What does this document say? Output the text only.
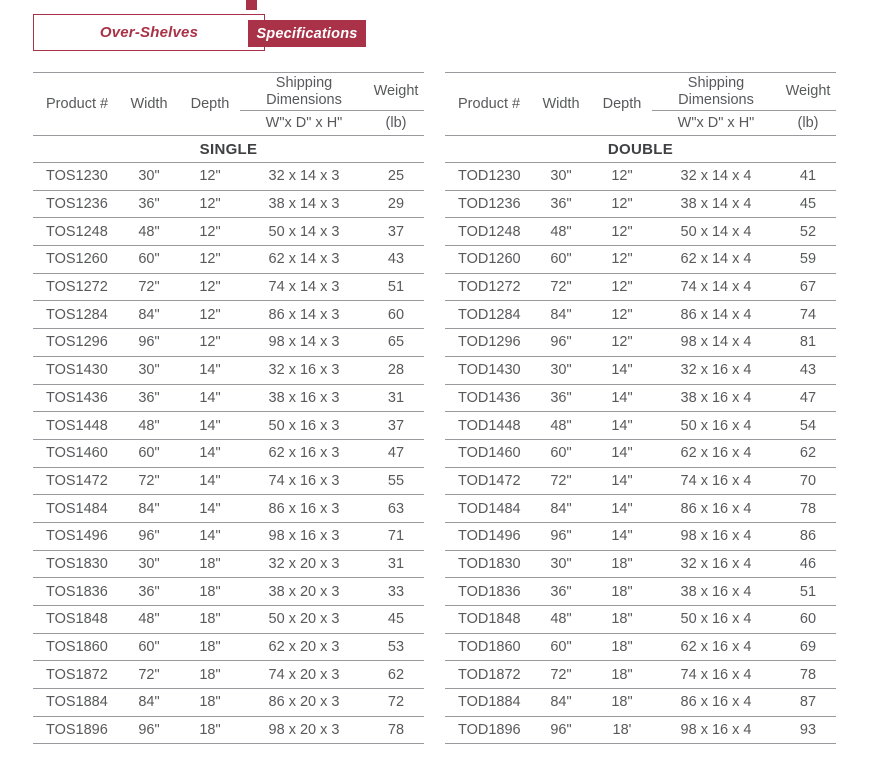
Over-Shelves	Specifications
Product #	Width	Depth	Shipping Dimensions	Weight
			W"x D" x H"	(lb)
SINGLE				
TOS1230	30"	12"	32 x 14 x 3	25
TOS1236	36"	12"	38 x 14 x 3	29
TOS1248	48"	12"	50 x 14 x 3	37
TOS1260	60"	12"	62 x 14 x 3	43
TOS1272	72"	12"	74 x 14 x 3	51
TOS1284	84"	12"	86 x 14 x 3	60
TOS1296	96"	12"	98 x 14 x 3	65
TOS1430	30"	14"	32 x 16 x 3	28
TOS1436	36"	14"	38 x 16 x 3	31
TOS1448	48"	14"	50 x 16 x 3	37
TOS1460	60"	14"	62 x 16 x 3	47
TOS1472	72"	14"	74 x 16 x 3	55
TOS1484	84"	14"	86 x 16 x 3	63
TOS1496	96"	14"	98 x 16 x 3	71
TOS1830	30"	18"	32 x 20 x 3	31
TOS1836	36"	18"	38 x 20 x 3	33
TOS1848	48"	18"	50 x 20 x 3	45
TOS1860	60"	18"	62 x 20 x 3	53
TOS1872	72"	18"	74 x 20 x 3	62
TOS1884	84"	18"	86 x 20 x 3	72
TOS1896	96"	18"	98 x 20 x 3	78
Product #	Width	Depth	Shipping Dimensions	Weight
			W"x D" x H"	(lb)
DOUBLE				
TOD1230	30"	12"	32 x 14 x 4	41
TOD1236	36"	12"	38 x 14 x 4	45
TOD1248	48"	12"	50 x 14 x 4	52
TOD1260	60"	12"	62 x 14 x 4	59
TOD1272	72"	12"	74 x 14 x 4	67
TOD1284	84"	12"	86 x 14 x 4	74
TOD1296	96"	12"	98 x 14 x 4	81
TOD1430	30"	14"	32 x 16 x 4	43
TOD1436	36"	14"	38 x 16 x 4	47
TOD1448	48"	14"	50 x 16 x 4	54
TOD1460	60"	14"	62 x 16 x 4	62
TOD1472	72"	14"	74 x 16 x 4	70
TOD1484	84"	14"	86 x 16 x 4	78
TOD1496	96"	14"	98 x 16 x 4	86
TOD1830	30"	18"	32 x 16 x 4	46
TOD1836	36"	18"	38 x 16 x 4	51
TOD1848	48"	18"	50 x 16 x 4	60
TOD1860	60"	18"	62 x 16 x 4	69
TOD1872	72"	18"	74 x 16 x 4	78
TOD1884	84"	18"	86 x 16 x 4	87
TOD1896	96"	18'	98 x 16 x 4	93
